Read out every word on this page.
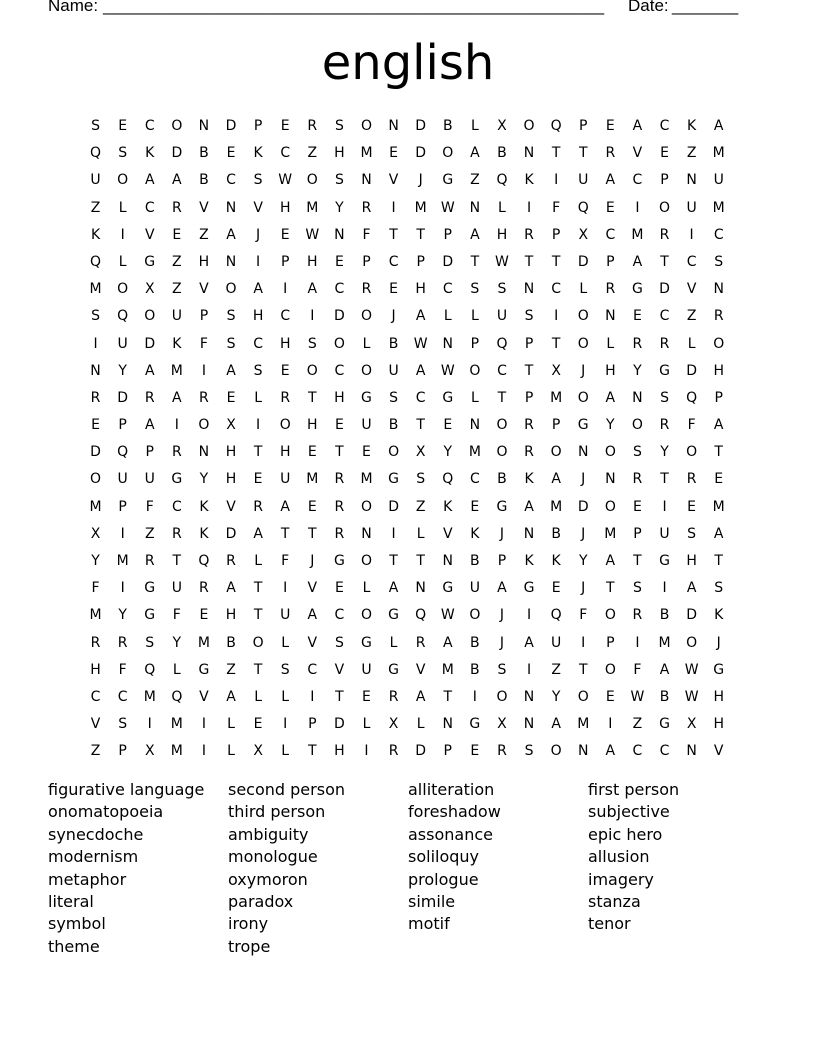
Name: _____________________________________________________ Date: _______
english
S	E	C	O	N	D	P	E	R	S	O	N	D	B	L	X	O	Q	P	E	A	C	K	A
Q	S	K	D	B	E	K	C	Z	H	M	E	D	O	A	B	N	T	T	R	V	E	Z	M
U	O	A	A	B	C	S	W	O	S	N	V	J	G	Z	Q	K	I	U	A	C	P	N	U
Z	L	C	R	V	N	V	H	M	Y	R	I	M	W	N	L	I	F	Q	E	I	O	U	M
K	I	V	E	Z	A	J	E	W	N	F	T	T	P	A	H	R	P	X	C	M	R	I	C
Q	L	G	Z	H	N	I	P	H	E	P	C	P	D	T	W	T	T	D	P	A	T	C	S
M	O	X	Z	V	O	A	I	A	C	R	E	H	C	S	S	N	C	L	R	G	D	V	N
S	Q	O	U	P	S	H	C	I	D	O	J	A	L	L	U	S	I	O	N	E	C	Z	R
I	U	D	K	F	S	C	H	S	O	L	B	W	N	P	Q	P	T	O	L	R	R	L	O
N	Y	A	M	I	A	S	E	O	C	O	U	A	W	O	C	T	X	J	H	Y	G	D	H
R	D	R	A	R	E	L	R	T	H	G	S	C	G	L	T	P	M	O	A	N	S	Q	P
E	P	A	I	O	X	I	O	H	E	U	B	T	E	N	O	R	P	G	Y	O	R	F	A
D	Q	P	R	N	H	T	H	E	T	E	O	X	Y	M	O	R	O	N	O	S	Y	O	T
O	U	U	G	Y	H	E	U	M	R	M	G	S	Q	C	B	K	A	J	N	R	T	R	E
M	P	F	C	K	V	R	A	E	R	O	D	Z	K	E	G	A	M	D	O	E	I	E	M
X	I	Z	R	K	D	A	T	T	R	N	I	L	V	K	J	N	B	J	M	P	U	S	A
Y	M	R	T	Q	R	L	F	J	G	O	T	T	N	B	P	K	K	Y	A	T	G	H	T
F	I	G	U	R	A	T	I	V	E	L	A	N	G	U	A	G	E	J	T	S	I	A	S
M	Y	G	F	E	H	T	U	A	C	O	G	Q	W	O	J	I	Q	F	O	R	B	D	K
R	R	S	Y	M	B	O	L	V	S	G	L	R	A	B	J	A	U	I	P	I	M	O	J
H	F	Q	L	G	Z	T	S	C	V	U	G	V	M	B	S	I	Z	T	O	F	A	W	G
C	C	M	Q	V	A	L	L	I	T	E	R	A	T	I	O	N	Y	O	E	W	B	W	H
V	S	I	M	I	L	E	I	P	D	L	X	L	N	G	X	N	A	M	I	Z	G	X	H
Z	P	X	M	I	L	X	L	T	H	I	R	D	P	E	R	S	O	N	A	C	C	N	V
figurative language
onomatopoeia
synecdoche
modernism
metaphor
literal
symbol
theme
second person
third person
ambiguity
monologue
oxymoron
paradox
irony
trope
alliteration
foreshadow
assonance
soliloquy
prologue
simile
motif
first person
subjective
epic hero
allusion
imagery
stanza
tenor
